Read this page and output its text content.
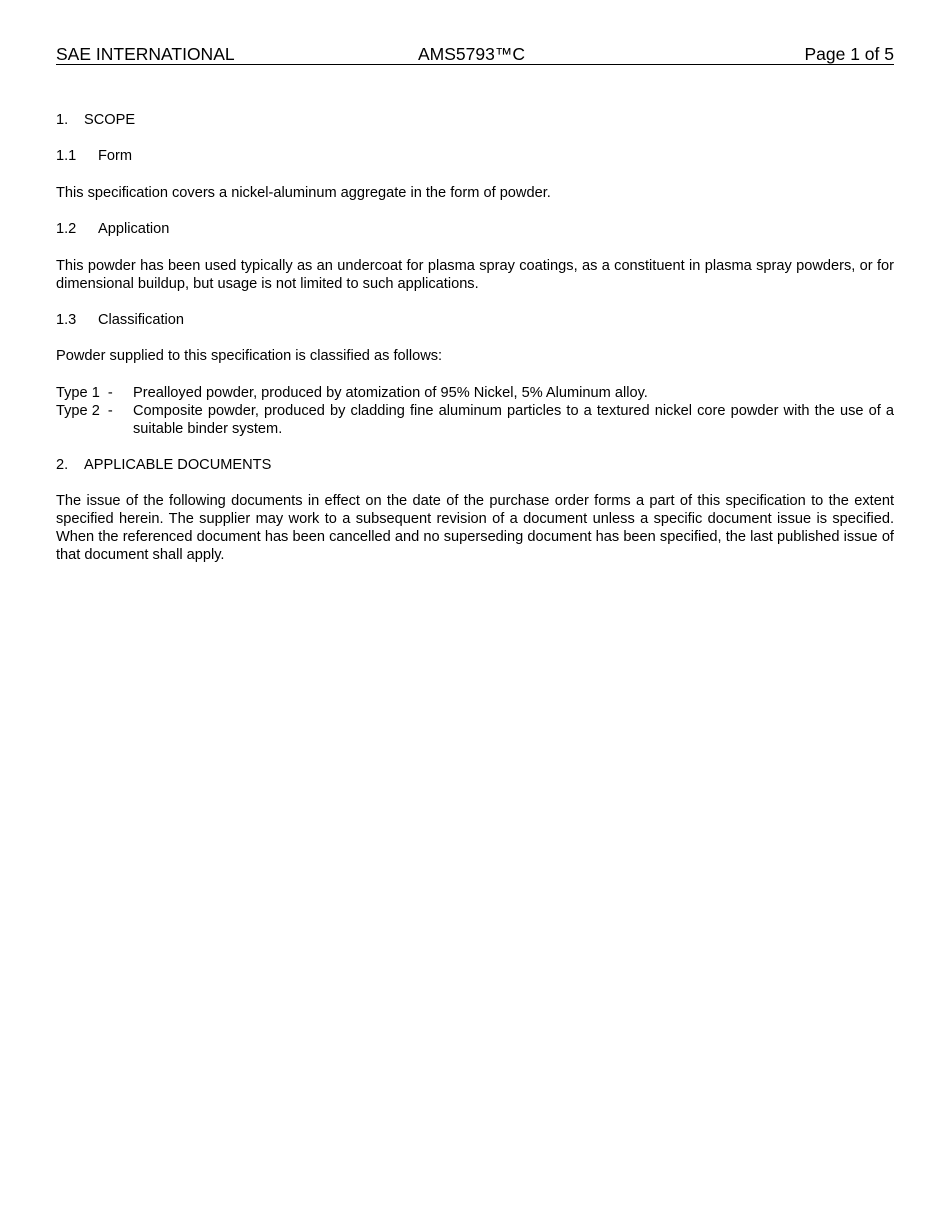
SAE INTERNATIONAL	AMS5793™C	Page 1 of 5
1. SCOPE
1.1 Form
This specification covers a nickel-aluminum aggregate in the form of powder.
1.2 Application
This powder has been used typically as an undercoat for plasma spray coatings, as a constituent in plasma spray powders, or for dimensional buildup, but usage is not limited to such applications.
1.3 Classification
Powder supplied to this specification is classified as follows:
Type 1  -	Prealloyed powder, produced by atomization of 95% Nickel, 5% Aluminum alloy.
Type 2  -	Composite powder, produced by cladding fine aluminum particles to a textured nickel core powder with the use of a suitable binder system.
2. APPLICABLE DOCUMENTS
The issue of the following documents in effect on the date of the purchase order forms a part of this specification to the extent specified herein. The supplier may work to a subsequent revision of a document unless a specific document issue is specified. When the referenced document has been cancelled and no superseding document has been specified, the last published issue of that document shall apply.
